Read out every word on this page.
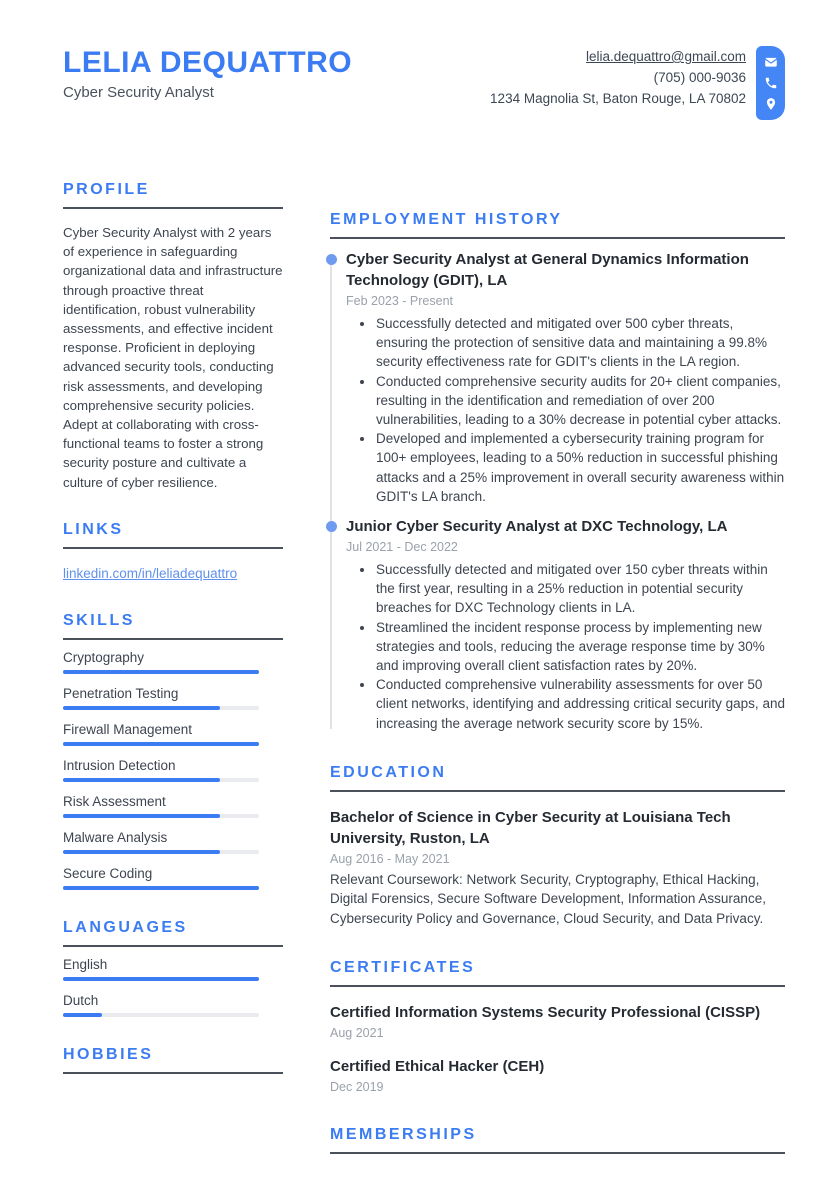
LELIA DEQUATTRO
Cyber Security Analyst
lelia.dequattro@gmail.com
(705) 000-9036
1234 Magnolia St, Baton Rouge, LA 70802
PROFILE

Cyber Security Analyst with 2 years of experience in safeguarding organizational data and infrastructure through proactive threat identification, robust vulnerability assessments, and effective incident response. Proficient in deploying advanced security tools, conducting risk assessments, and developing comprehensive security policies. Adept at collaborating with cross-functional teams to foster a strong security posture and cultivate a culture of cyber resilience.

LINKS
linkedin.com/in/leliadequattro
SKILLS
Cryptography
Penetration Testing
Firewall Management
Intrusion Detection
Risk Assessment
Malware Analysis
Secure Coding
LANGUAGES
English
Dutch
HOBBIES
EMPLOYMENT HISTORY
Cyber Security Analyst at General Dynamics Information Technology (GDIT), LA
Feb 2023 - Present
• Successfully detected and mitigated over 500 cyber threats, ensuring the protection of sensitive data and maintaining a 99.8% security effectiveness rate for GDIT's clients in the LA region.
• Conducted comprehensive security audits for 20+ client companies, resulting in the identification and remediation of over 200 vulnerabilities, leading to a 30% decrease in potential cyber attacks.
• Developed and implemented a cybersecurity training program for 100+ employees, leading to a 50% reduction in successful phishing attacks and a 25% improvement in overall security awareness within GDIT's LA branch.
Junior Cyber Security Analyst at DXC Technology, LA
Jul 2021 - Dec 2022
• Successfully detected and mitigated over 150 cyber threats within the first year, resulting in a 25% reduction in potential security breaches for DXC Technology clients in LA.
• Streamlined the incident response process by implementing new strategies and tools, reducing the average response time by 30% and improving overall client satisfaction rates by 20%.
• Conducted comprehensive vulnerability assessments for over 50 client networks, identifying and addressing critical security gaps, and increasing the average network security score by 15%.
EDUCATION
Bachelor of Science in Cyber Security at Louisiana Tech University, Ruston, LA
Aug 2016 - May 2021

Relevant Coursework: Network Security, Cryptography, Ethical Hacking, Digital Forensics, Secure Software Development, Information Assurance, Cybersecurity Policy and Governance, Cloud Security, and Data Privacy.

CERTIFICATES
Certified Information Systems Security Professional (CISSP)
Aug 2021
Certified Ethical Hacker (CEH)
Dec 2019
MEMBERSHIPS
